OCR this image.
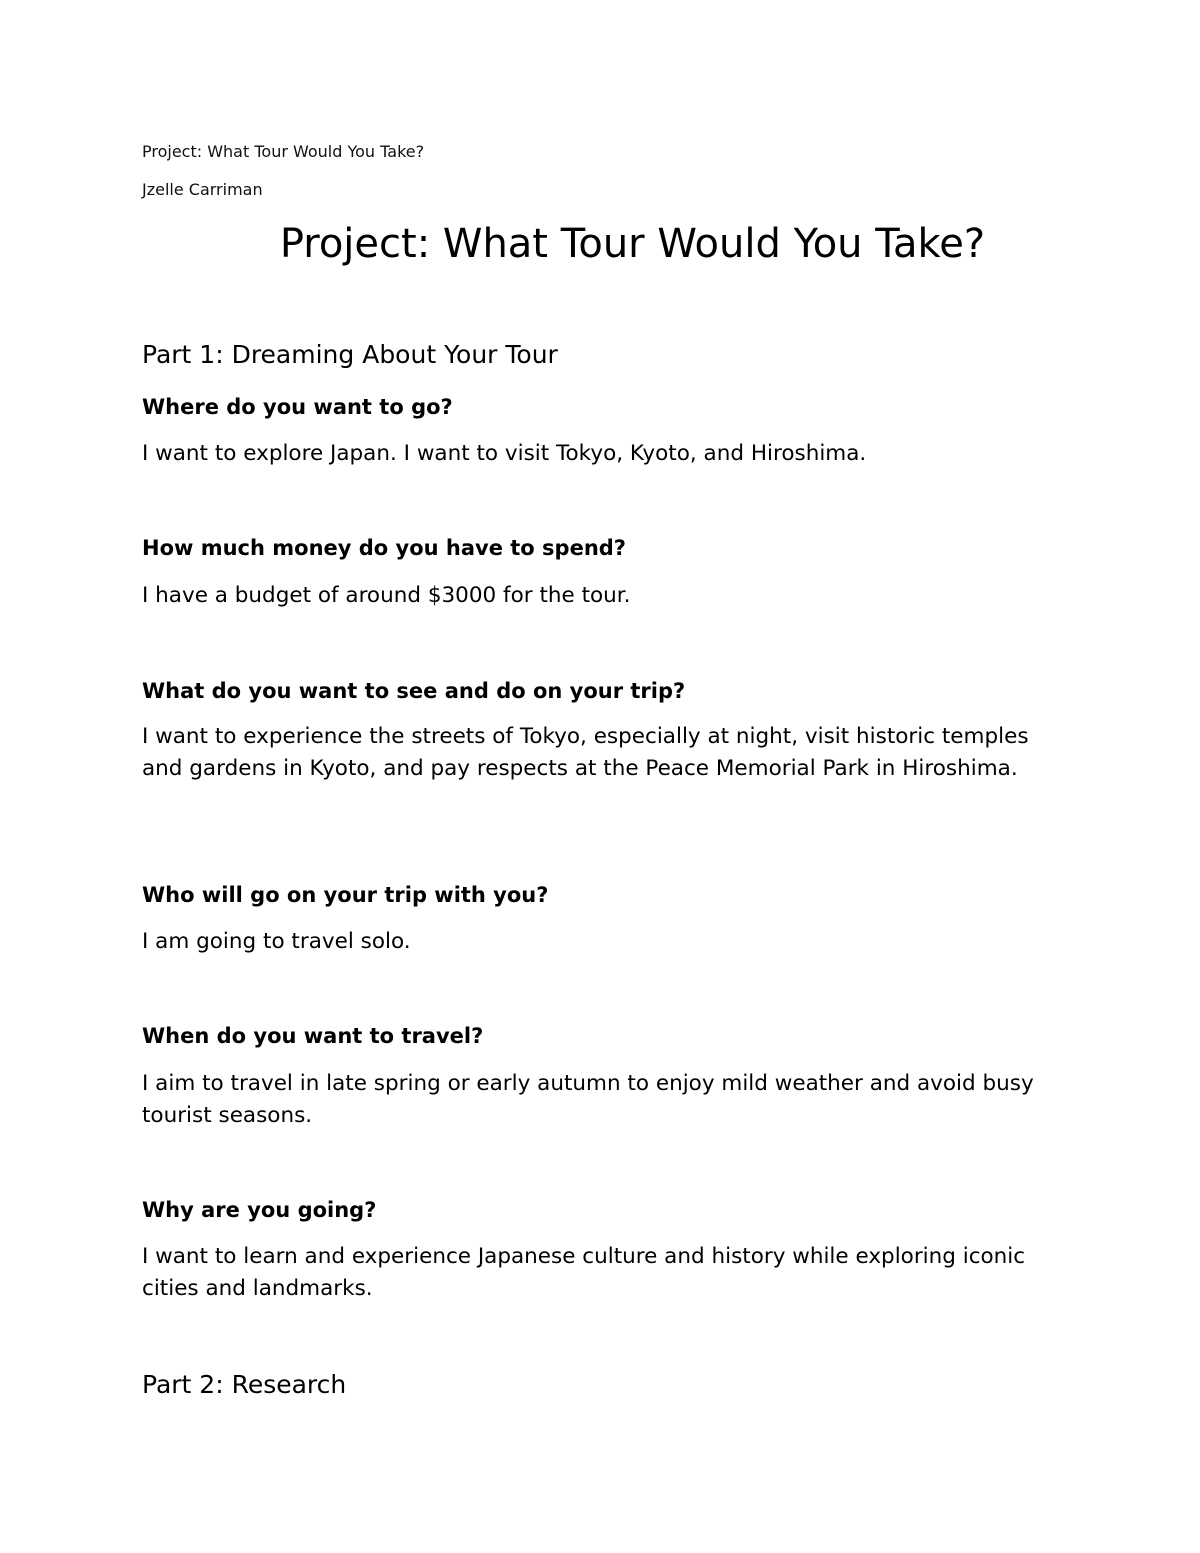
Project: What Tour Would You Take?
Jzelle Carriman
Project: What Tour Would You Take?
Part 1: Dreaming About Your Tour

Where do you want to go?

I want to explore Japan. I want to visit Tokyo, Kyoto, and Hiroshima.

How much money do you have to spend?

I have a budget of around $3000 for the tour.

What do you want to see and do on your trip?

I want to experience the streets of Tokyo, especially at night, visit historic temples and gardens in Kyoto, and pay respects at the Peace Memorial Park in Hiroshima.

Who will go on your trip with you?

I am going to travel solo.

When do you want to travel?

I aim to travel in late spring or early autumn to enjoy mild weather and avoid busy tourist seasons.

Why are you going?

I want to learn and experience Japanese culture and history while exploring iconic cities and landmarks.

Part 2: Research
